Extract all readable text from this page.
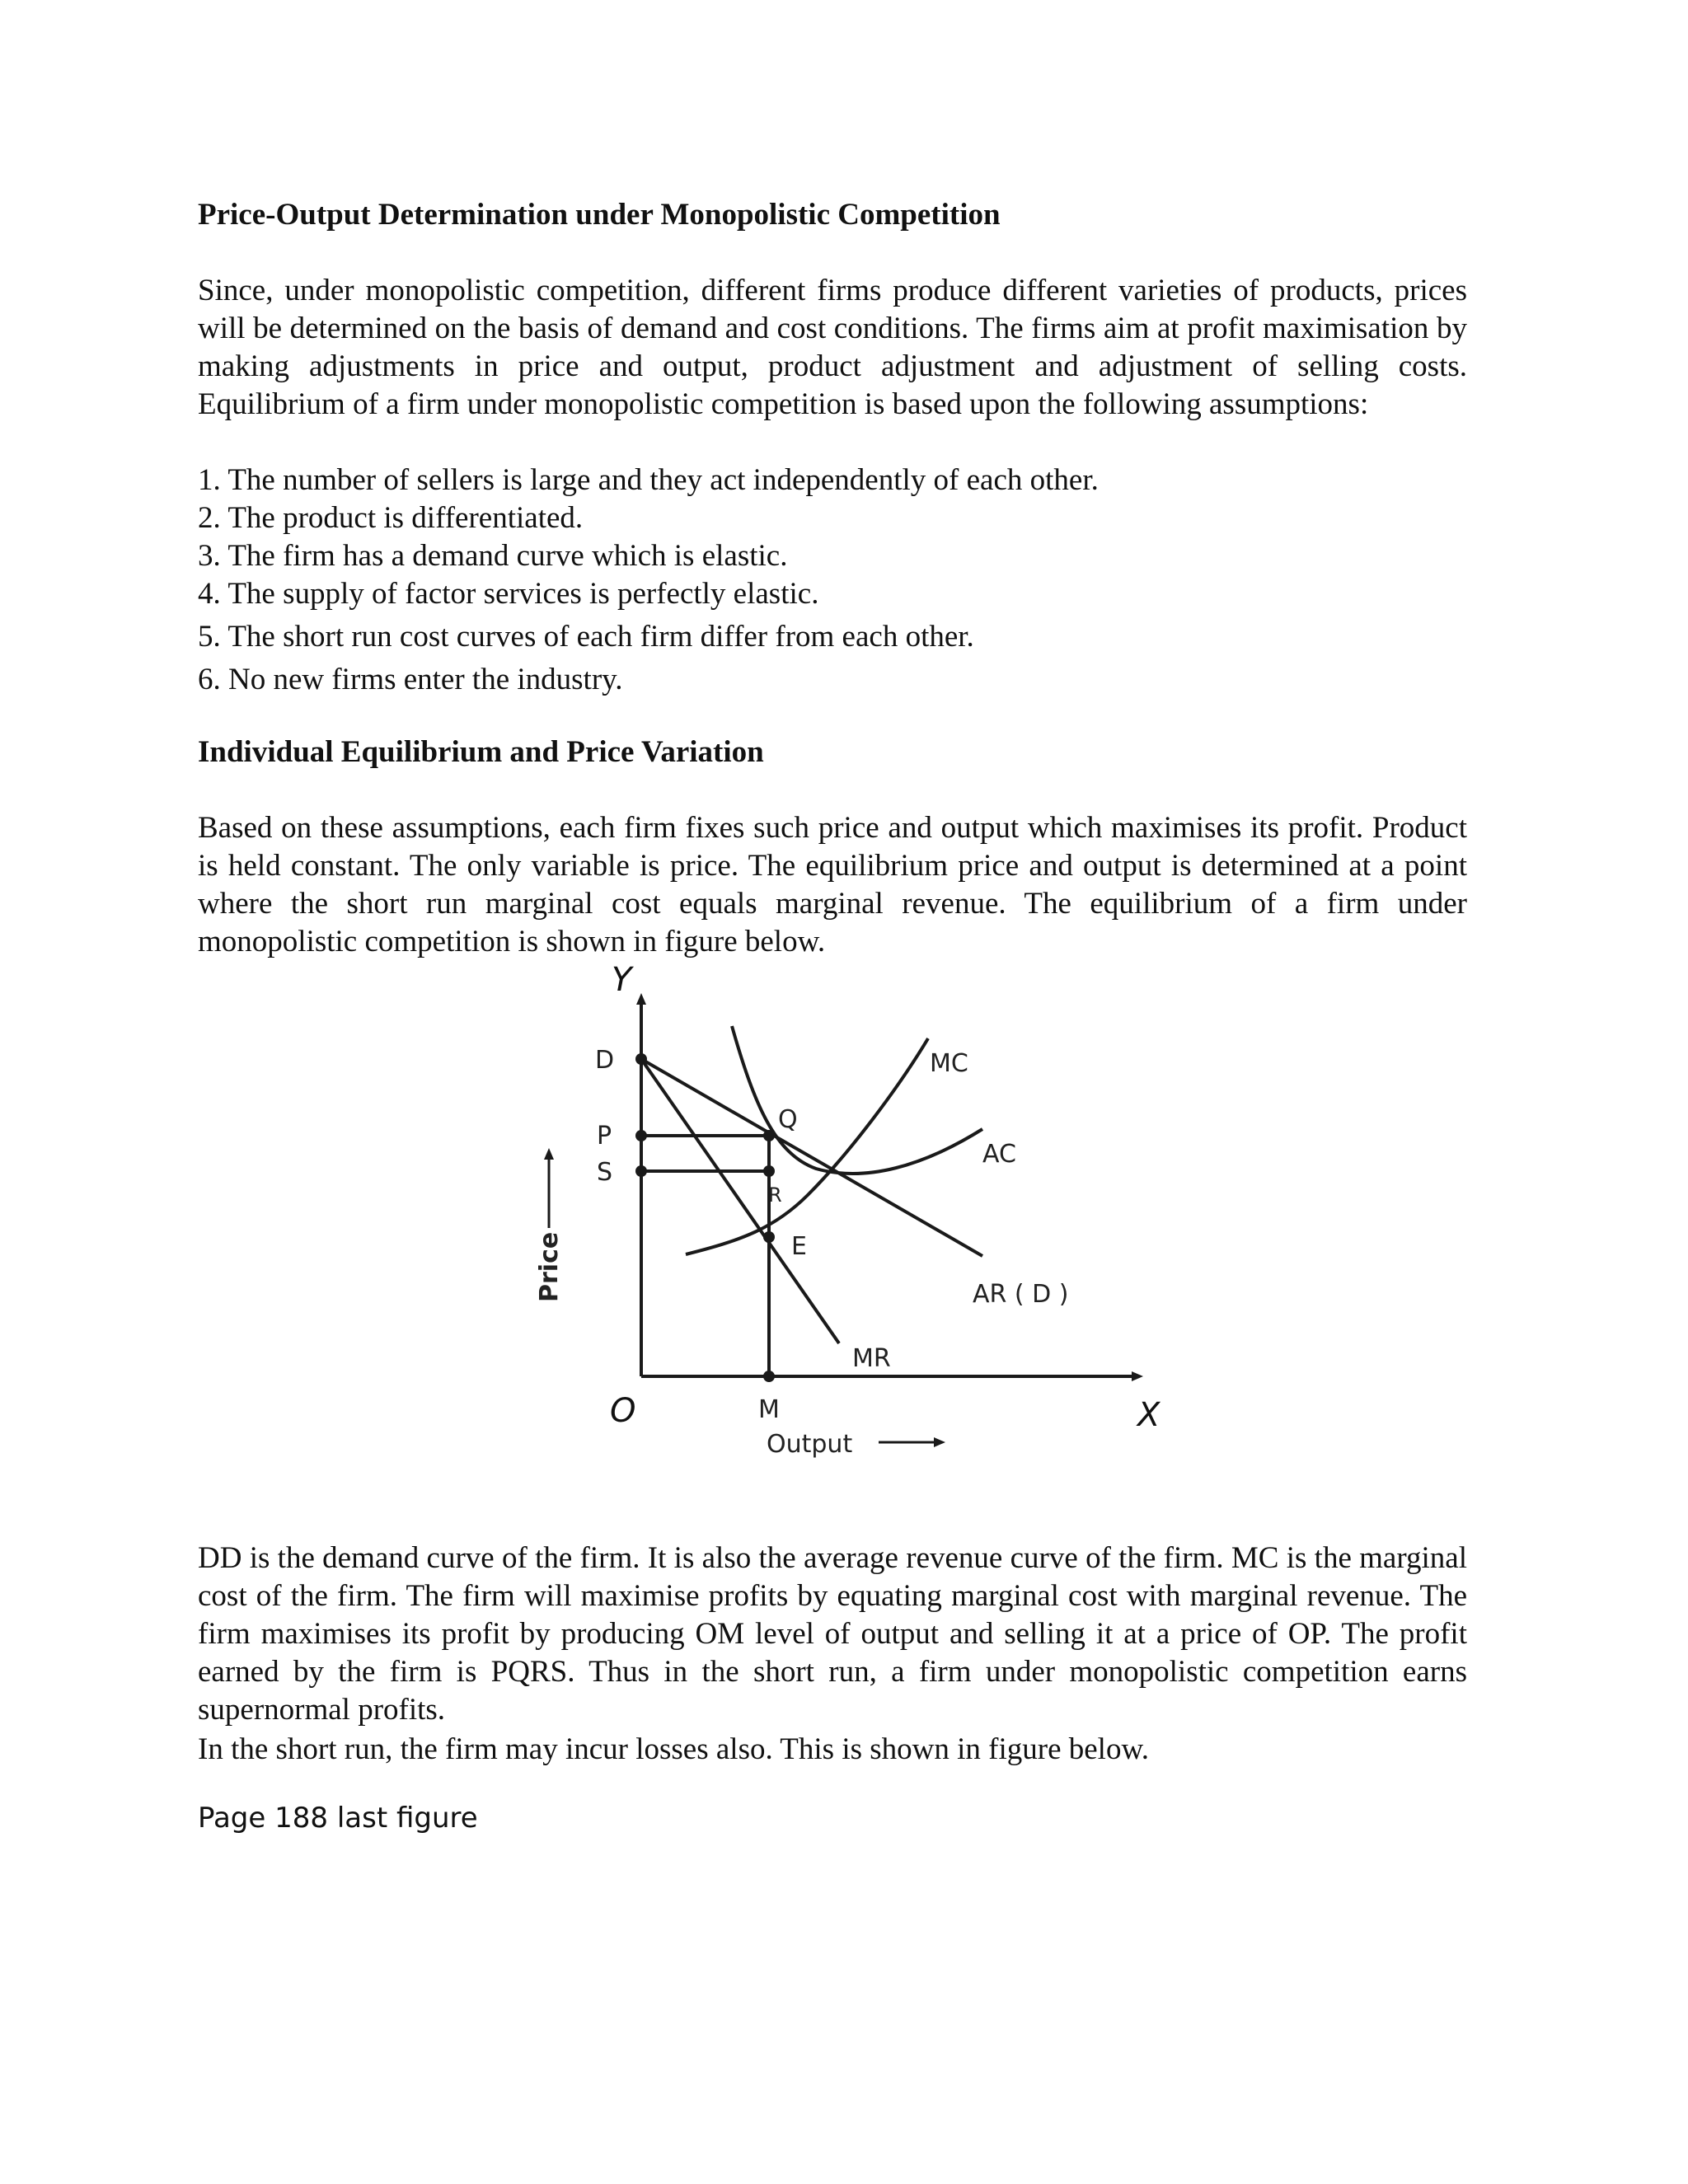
Price-Output Determination under Monopolistic Competition

Since, under monopolistic competition, different firms produce different varieties of products, prices will be determined on the basis of demand and cost conditions. The firms aim at profit maximisation by making adjustments in price and output, product adjustment and adjustment of selling costs. Equilibrium of a firm under monopolistic competition is based upon the following assumptions:

1. The number of sellers is large and they act independently of each other.
2. The product is differentiated.
3. The firm has a demand curve which is elastic.
4. The supply of factor services is perfectly elastic.
5. The short run cost curves of each firm differ from each other.
6. No new firms enter the industry.
Individual Equilibrium and Price Variation

Based on these assumptions, each firm fixes such price and output which maximises its profit. Product is held constant. The only variable is price. The equilibrium price and output is determined at a point where the short run marginal cost equals marginal revenue. The equilibrium of a firm under monopolistic competition is shown in figure below.

Y
X
O
D
P
S
Q
R
E
M
MC
AC
AR ( D )
MR
Price
Output

DD is the demand curve of the firm. It is also the average revenue curve of the firm. MC is the marginal cost of the firm. The firm will maximise profits by equating marginal cost with marginal revenue. The firm maximises its profit by producing OM level of output and selling it at a price of OP. The profit earned by the firm is PQRS. Thus in the short run, a firm under monopolistic competition earns supernormal profits.

In the short run, the firm may incur losses also. This is shown in figure below.
Page 188 last figure
